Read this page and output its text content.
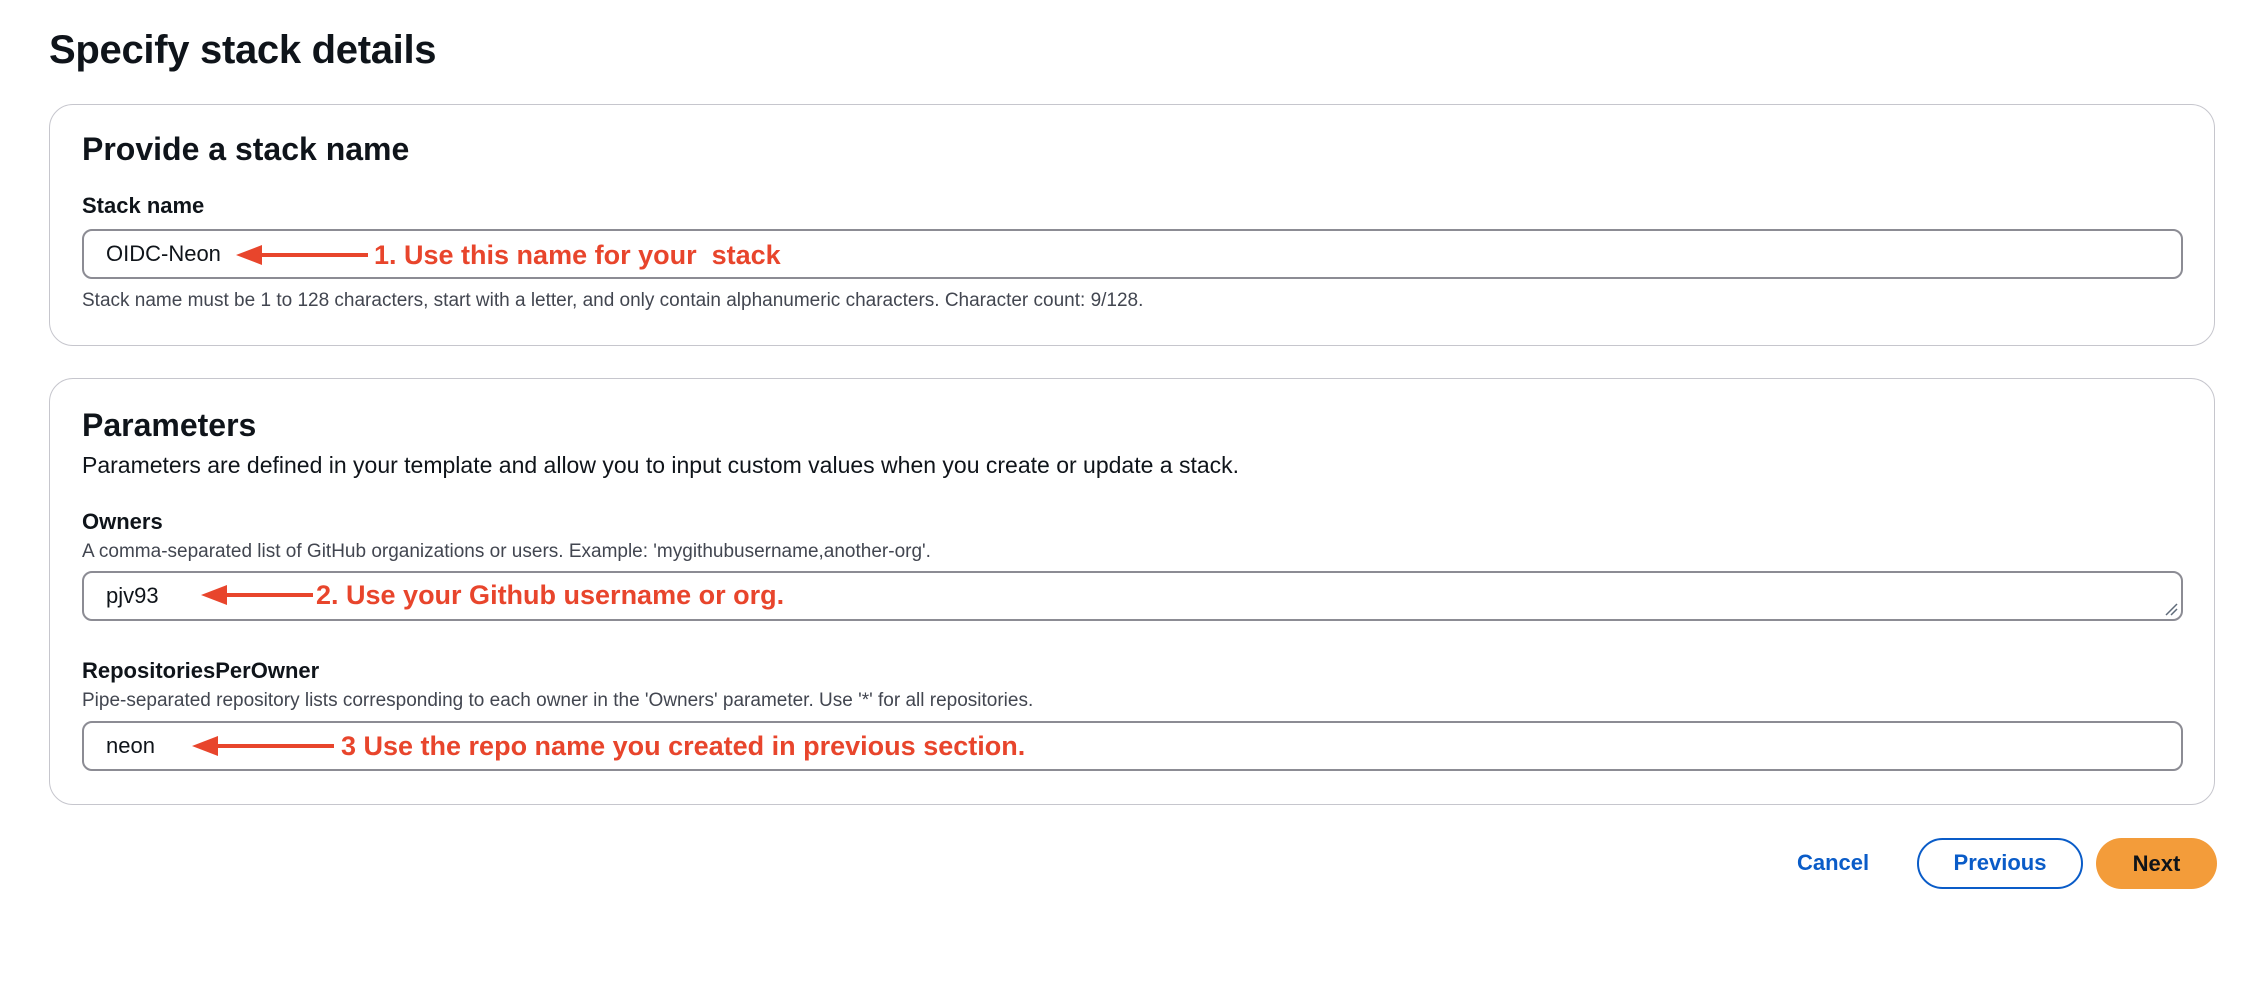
Specify stack details
Provide a stack name
Stack name
OIDC-Neon	1. Use this name for your  stack
Stack name must be 1 to 128 characters, start with a letter, and only contain alphanumeric characters. Character count: 9/128.
Parameters
Parameters are defined in your template and allow you to input custom values when you create or update a stack.
Owners
A comma-separated list of GitHub organizations or users. Example: 'mygithubusername,another-org'.
pjv93	2. Use your Github username or org.
RepositoriesPerOwner
Pipe-separated repository lists corresponding to each owner in the 'Owners' parameter. Use '*' for all repositories.
neon	3 Use the repo name you created in previous section.
Cancel	Previous	Next
